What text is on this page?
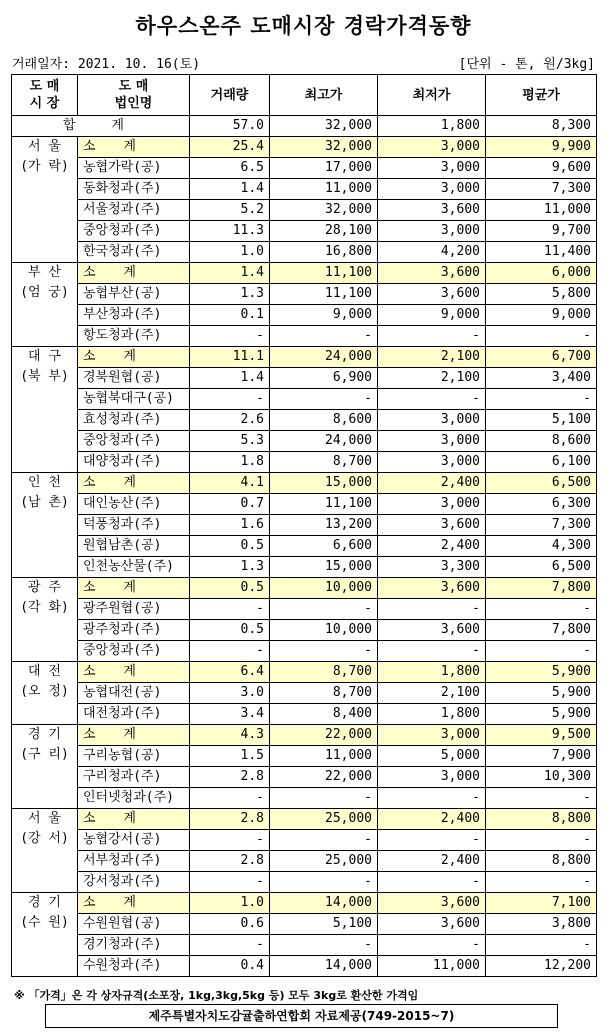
하우스온주 도매시장 경락가격동향
거래일자: 2021. 10. 16(토)	[단위 - 톤, 원/3kg]
도 매
시 장	도 매
법인명	거래량	최고가	최저가	평균가
합 계		57.0	32,000	1,800	8,300

서 울
(가 락)	소 계	25.4	32,000	3,000	9,900
	농협가락(공)	6.5	17,000	3,000	9,600
	동화청과(주)	1.4	11,000	3,000	7,300
	서울청과(주)	5.2	32,000	3,600	11,000
	중앙청과(주)	11.3	28,100	3,000	9,700
	한국청과(주)	1.0	16,800	4,200	11,400

부 산
(엄 궁)	소 계	1.4	11,100	3,600	6,000
	농협부산(공)	1.3	11,100	3,600	5,800
	부산청과(주)	0.1	9,000	9,000	9,000
	항도청과(주)	-	-	-	-

대 구
(북 부)	소 계	11.1	24,000	2,100	6,700
	경북원협(공)	1.4	6,900	2,100	3,400
	농협북대구(공)	-	-	-	-
	효성청과(주)	2.6	8,600	3,000	5,100
	중앙청과(주)	5.3	24,000	3,000	8,600
	대양청과(주)	1.8	8,700	3,000	6,100

인 천
(남 촌)	소 계	4.1	15,000	2,400	6,500
	대인농산(주)	0.7	11,100	3,000	6,300
	덕풍청과(주)	1.6	13,200	3,600	7,300
	원협남촌(공)	0.5	6,600	2,400	4,300
	인천농산물(주)	1.3	15,000	3,300	6,500

광 주
(각 화)	소 계	0.5	10,000	3,600	7,800
	광주원협(공)	-	-	-	-
	광주청과(주)	0.5	10,000	3,600	7,800
	중앙청과(주)	-	-	-	-

대 전
(오 정)	소 계	6.4	8,700	1,800	5,900
	농협대전(공)	3.0	8,700	2,100	5,900
	대전청과(주)	3.4	8,400	1,800	5,900

경 기
(구 리)	소 계	4.3	22,000	3,000	9,500
	구리농협(공)	1.5	11,000	5,000	7,900
	구리청과(주)	2.8	22,000	3,000	10,300
	인터넷청과(주)	-	-	-	-

서 울
(강 서)	소 계	2.8	25,000	2,400	8,800
	농협강서(공)	-	-	-	-
	서부청과(주)	2.8	25,000	2,400	8,800
	강서청과(주)	-	-	-	-

경 기
(수 원)	소 계	1.0	14,000	3,600	7,100
	수원원협(공)	0.6	5,100	3,600	3,800
	경기청과(주)	-	-	-	-
	수원청과(주)	0.4	14,000	11,000	12,200
※ 「가격」은 각 상자규격(소포장, 1kg,3kg,5kg 등) 모두 3kg로 환산한 가격임
제주특별자치도감귤출하연합회 자료제공(749-2015~7)
